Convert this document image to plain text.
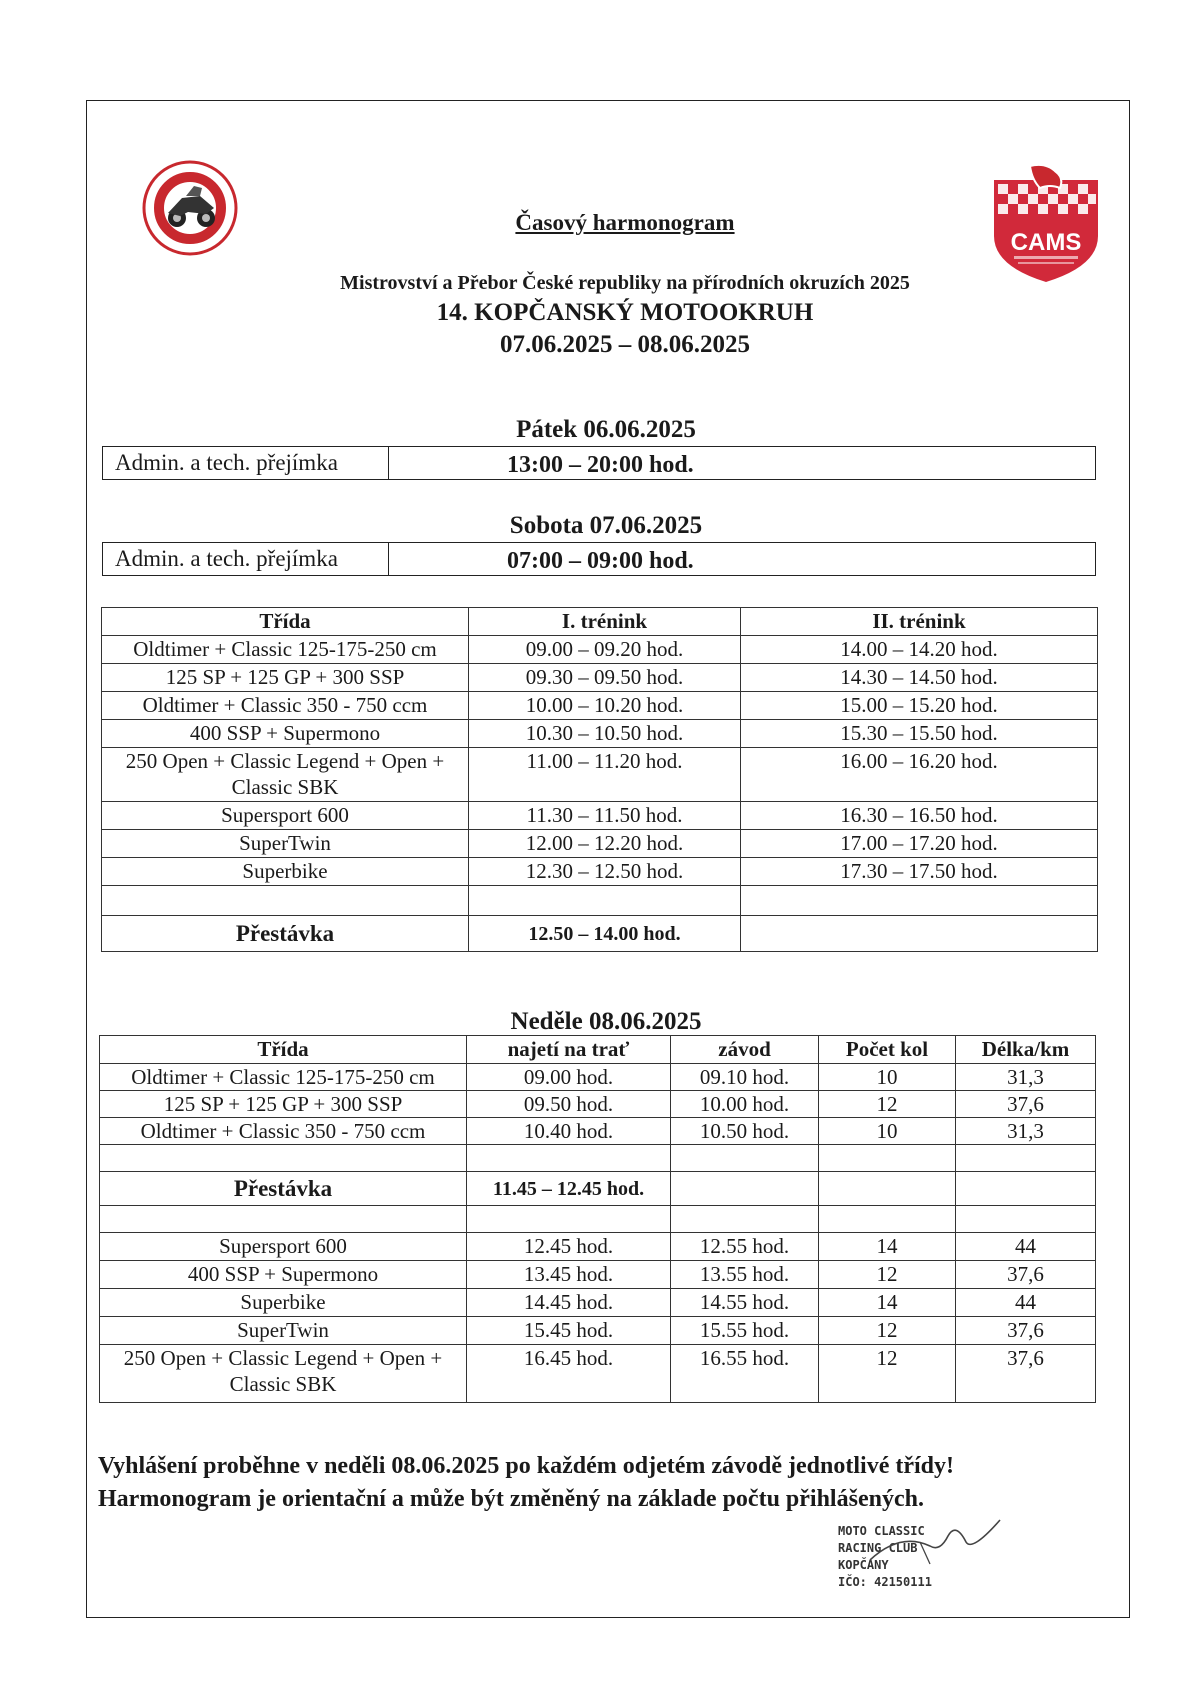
CAMS
Časový harmonogram
Mistrovství a Přebor České republiky na přírodních okruzích 2025
14. KOPČANSKÝ MOTOOKRUH
07.06.2025 – 08.06.2025
Pátek 06.06.2025
Admin. a tech. přejímka	13:00 – 20:00 hod.
Sobota 07.06.2025
Admin. a tech. přejímka	07:00 – 09:00 hod.
Třída	I. trénink	II. trénink
Oldtimer + Classic 125-175-250 cm	09.00 – 09.20 hod.	14.00 – 14.20 hod.
125 SP + 125 GP + 300 SSP	09.30 – 09.50 hod.	14.30 – 14.50 hod.
Oldtimer + Classic 350 - 750 ccm	10.00 – 10.20 hod.	15.00 – 15.20 hod.
400 SSP + Supermono	10.30 – 10.50 hod.	15.30 – 15.50 hod.
250 Open + Classic Legend + Open + Classic SBK	11.00 – 11.20 hod.	16.00 – 16.20 hod.
Supersport 600	11.30 – 11.50 hod.	16.30 – 16.50 hod.
SuperTwin	12.00 – 12.20 hod.	17.00 – 17.20 hod.
Superbike	12.30 – 12.50 hod.	17.30 – 17.50 hod.

Přestávka	12.50 – 14.00 hod.	
Neděle 08.06.2025
Třída	najetí na trať	závod	Počet kol	Délka/km
Oldtimer + Classic 125-175-250 cm	09.00 hod.	09.10 hod.	10	31,3
125 SP + 125 GP + 300 SSP	09.50 hod.	10.00 hod.	12	37,6
Oldtimer + Classic 350 - 750 ccm	10.40 hod.	10.50 hod.	10	31,3

Přestávka	11.45 – 12.45 hod.			

Supersport 600	12.45 hod.	12.55 hod.	14	44
400 SSP + Supermono	13.45 hod.	13.55 hod.	12	37,6
Superbike	14.45 hod.	14.55 hod.	14	44
SuperTwin	15.45 hod.	15.55 hod.	12	37,6
250 Open + Classic Legend + Open + Classic SBK	16.45 hod.	16.55 hod.	12	37,6
Vyhlášení proběhne v neděli 08.06.2025 po každém odjetém závodě jednotlivé třídy!
Harmonogram je orientační a může být změněný na základe počtu přihlášených.
MOTO CLASSIC
RACING CLUB
KOPČANY
IČO: 42150111
